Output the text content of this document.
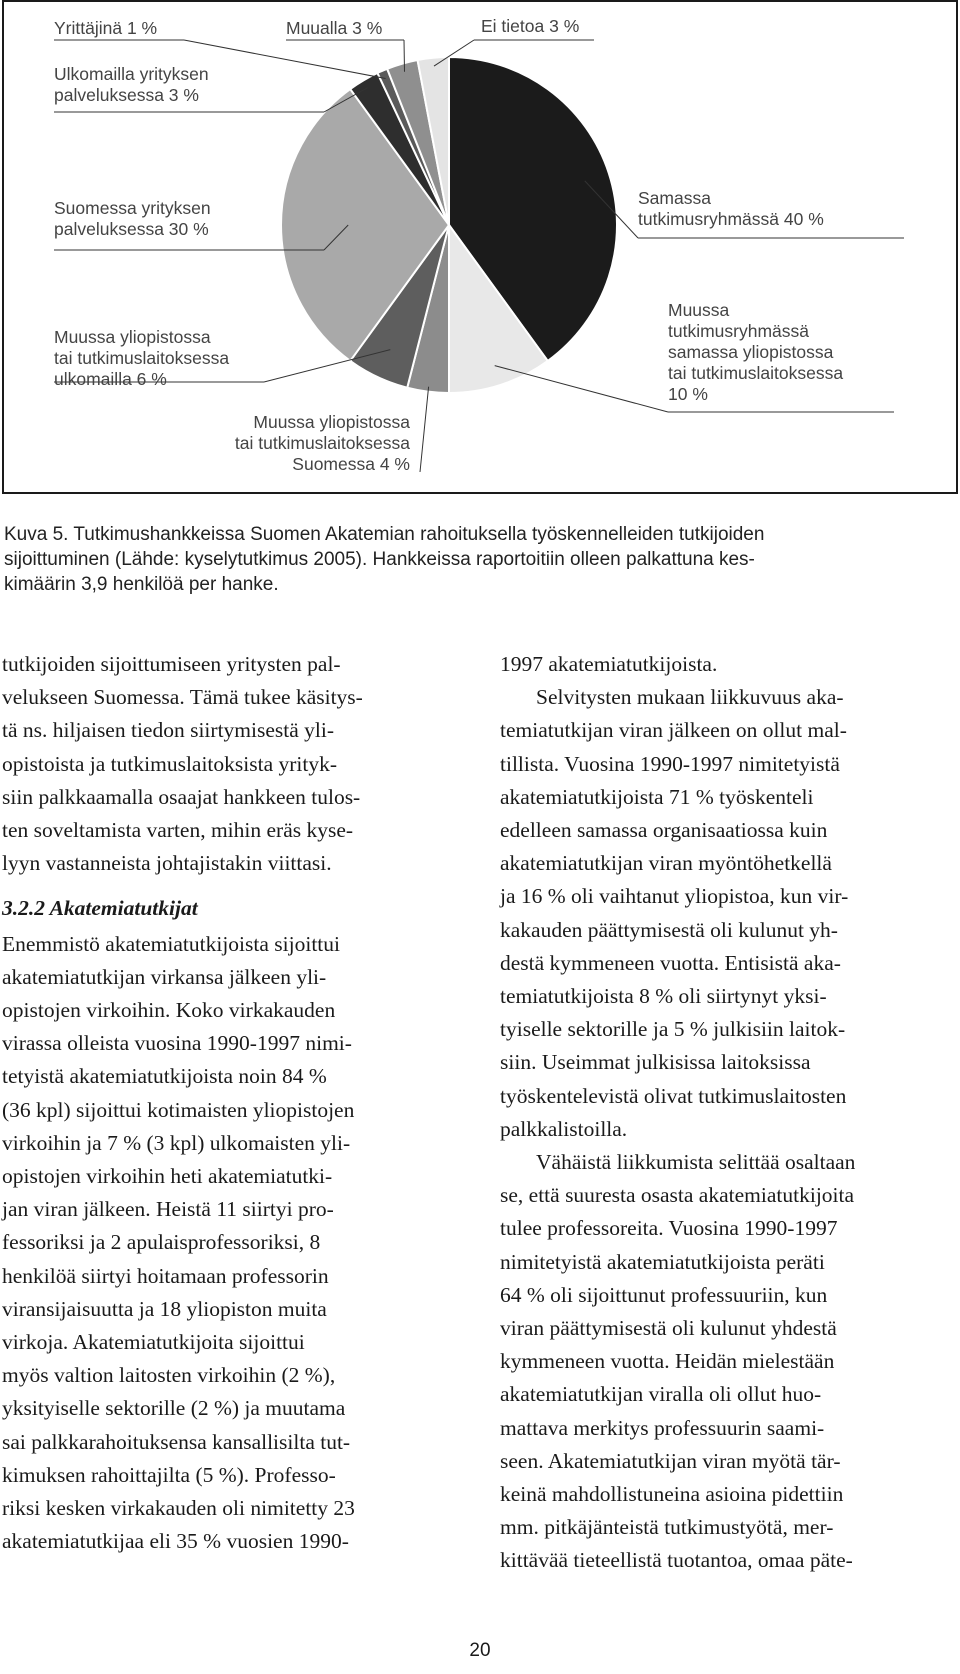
Samassa
tutkimusryhmässä 40 %
Muussa
tutkimusryhmässä
samassa yliopistossa
tai tutkimuslaitoksessa
10 %
Muussa yliopistossa
tai tutkimuslaitoksessa
Suomessa 4 %
Muussa yliopistossa
tai tutkimuslaitoksessa
ulkomailla 6 %
Suomessa yrityksen
palveluksessa 30 %
Ulkomailla yrityksen
palveluksessa 3 %
Yrittäjinä 1 %	Muualla 3 %	Ei tietoa 3 %
Kuva 5. Tutkimushankkeissa Suomen Akatemian rahoituksella työskennelleiden tutkijoiden
sijoittuminen (Lähde: kyselytutkimus 2005). Hankkeissa raportoitiin olleen palkattuna kes-
kimäärin 3,9 henkilöä per hanke.
tutkijoiden sijoittumiseen yritysten pal-
velukseen Suomessa. Tämä tukee käsitys-
tä ns. hiljaisen tiedon siirtymisestä yli-
opistoista ja tutkimuslaitoksista yrityk-
siin palkkaamalla osaajat hankkeen tulos-
ten soveltamista varten, mihin eräs kyse-
lyyn vastanneista johtajistakin viittasi.
3.2.2 Akatemiatutkijat
Enemmistö akatemiatutkijoista sijoittui
akatemiatutkijan virkansa jälkeen yli-
opistojen virkoihin. Koko virkakauden
virassa olleista vuosina 1990-1997 nimi-
tetyistä akatemiatutkijoista noin 84 %
(36 kpl) sijoittui kotimaisten yliopistojen
virkoihin ja 7 % (3 kpl) ulkomaisten yli-
opistojen virkoihin heti akatemiatutki-
jan viran jälkeen. Heistä 11 siirtyi pro-
fessoriksi ja 2 apulaisprofessoriksi, 8
henkilöä siirtyi hoitamaan professorin
viransijaisuutta ja 18 yliopiston muita
virkoja. Akatemiatutkijoita sijoittui
myös valtion laitosten virkoihin (2 %),
yksityiselle sektorille (2 %) ja muutama
sai palkkarahoituksensa kansallisilta tut-
kimuksen rahoittajilta (5 %). Professo-
riksi kesken virkakauden oli nimitetty 23
akatemiatutkijaa eli 35 % vuosien 1990-
1997 akatemiatutkijoista.
Selvitysten mukaan liikkuvuus aka-
temiatutkijan viran jälkeen on ollut mal-
tillista. Vuosina 1990-1997 nimitetyistä
akatemiatutkijoista 71 % työskenteli
edelleen samassa organisaatiossa kuin
akatemiatutkijan viran myöntöhetkellä
ja 16 % oli vaihtanut yliopistoa, kun vir-
kakauden päättymisestä oli kulunut yh-
destä kymmeneen vuotta. Entisistä aka-
temiatutkijoista 8 % oli siirtynyt yksi-
tyiselle sektorille ja 5 % julkisiin laitok-
siin. Useimmat julkisissa laitoksissa
työskentelevistä olivat tutkimuslaitosten
palkkalistoilla.
Vähäistä liikkumista selittää osaltaan
se, että suuresta osasta akatemiatutkijoita
tulee professoreita. Vuosina 1990-1997
nimitetyistä akatemiatutkijoista peräti
64 % oli sijoittunut professuuriin, kun
viran päättymisestä oli kulunut yhdestä
kymmeneen vuotta. Heidän mielestään
akatemiatutkijan viralla oli ollut huo-
mattava merkitys professuurin saami-
seen. Akatemiatutkijan viran myötä tär-
keinä mahdollistuneina asioina pidettiin
mm. pitkäjänteistä tutkimustyötä, mer-
kittävää tieteellistä tuotantoa, omaa päte-
20
